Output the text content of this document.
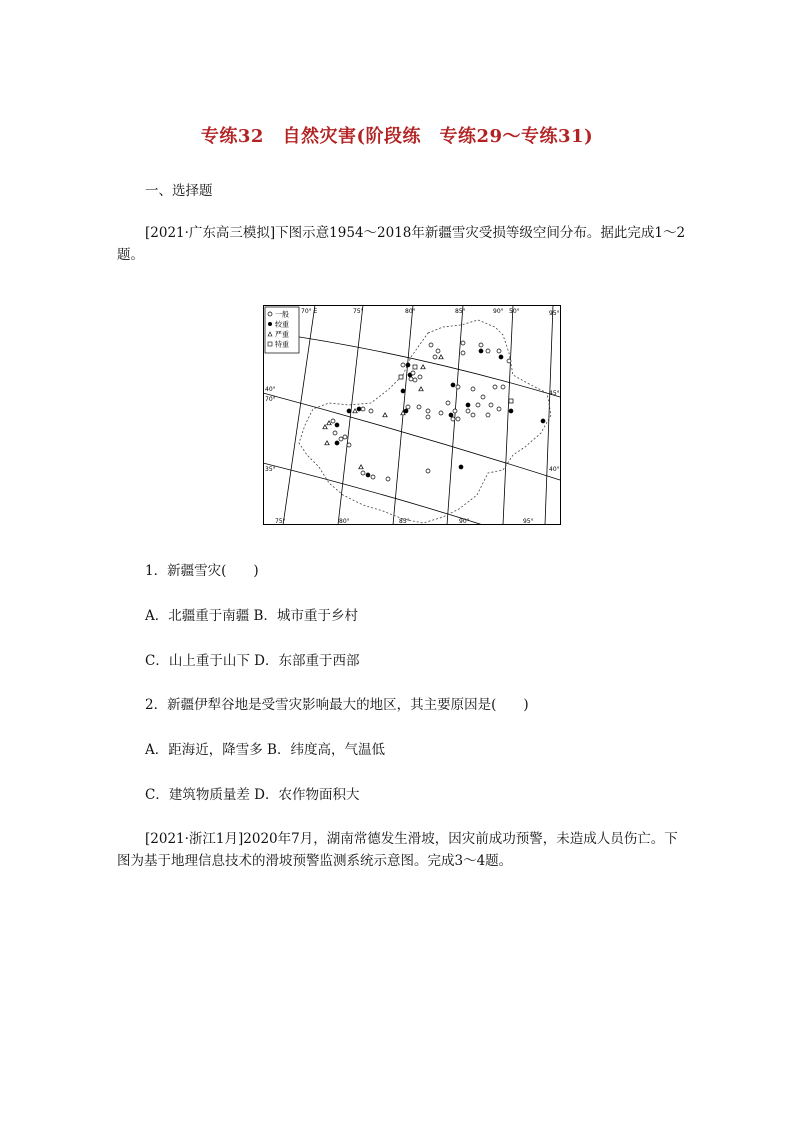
专练32　自然灾害(阶段练　专练29～专练31)
一、选择题
[2021·广东高三模拟]下图示意1954～2018年新疆雪灾受损等级空间分布。据此完成1～2题。
一般
较重
严重
特重
70° E	75°	80°	85°	90°	95°
50°
75°	80°	85°	90°	95°
40°
70°
35°
45°
40°
1．新疆雪灾(　　)
A．北疆重于南疆 B．城市重于乡村
C．山上重于山下 D．东部重于西部
2．新疆伊犁谷地是受雪灾影响最大的地区，其主要原因是(　　)
A．距海近，降雪多 B．纬度高，气温低
C．建筑物质量差 D．农作物面积大
[2021·浙江1月]2020年7月，湖南常德发生滑坡，因灾前成功预警，未造成人员伤亡。下图为基于地理信息技术的滑坡预警监测系统示意图。完成3～4题。
